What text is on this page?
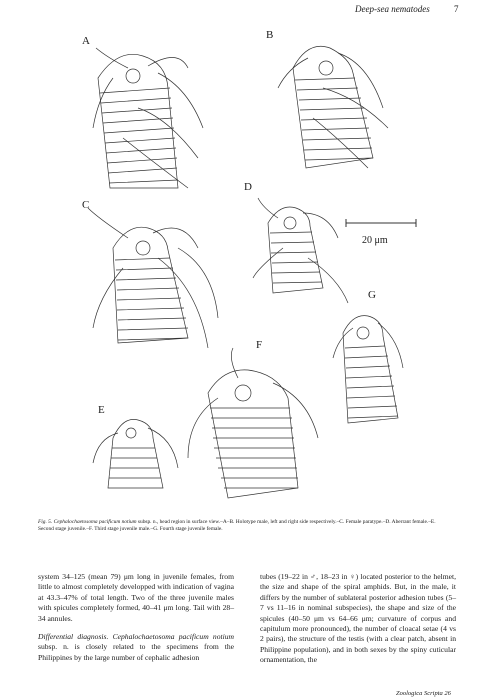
Deep-sea nematodes	7
A	B
C
D
E
F
G
20 μm
Fig. 5. Cephalochaetosoma pacificum notium subsp. n., head region in surface view.–A–B. Holotype male, left and right side respectively.–C. Female paratype.–D. Aberrant female.–E. Second stage juvenile.–F. Third stage juvenile male.–G. Fourth stage juvenile female.

system 34–125 (mean 79) μm long in juvenile females, from little to almost completely developped with indication of vagina at 43.3–47% of total length. Two of the three juvenile males with spicules completely formed, 40–41 μm long. Tail with 28–34 annules.

Differential diagnosis. Cephalochaetosoma pacificum notium subsp. n. is closely related to the specimens from the Philippines by the large number of cephalic adhesion

tubes (19–22 in ♂, 18–23 in ♀) located posterior to the helmet, the size and shape of the spiral amphids. But, in the male, it differs by the number of sublateral posterior adhesion tubes (5–7 vs 11–16 in nominal subspecies), the shape and size of the spicules (40–50 μm vs 64–66 μm; curvature of corpus and capitulum more pronounced), the number of cloacal setae (4 vs 2 pairs), the structure of the testis (with a clear patch, absent in Philippine population), and in both sexes by the spiny cuticular ornamentation, the

Zoologica Scripta 26
